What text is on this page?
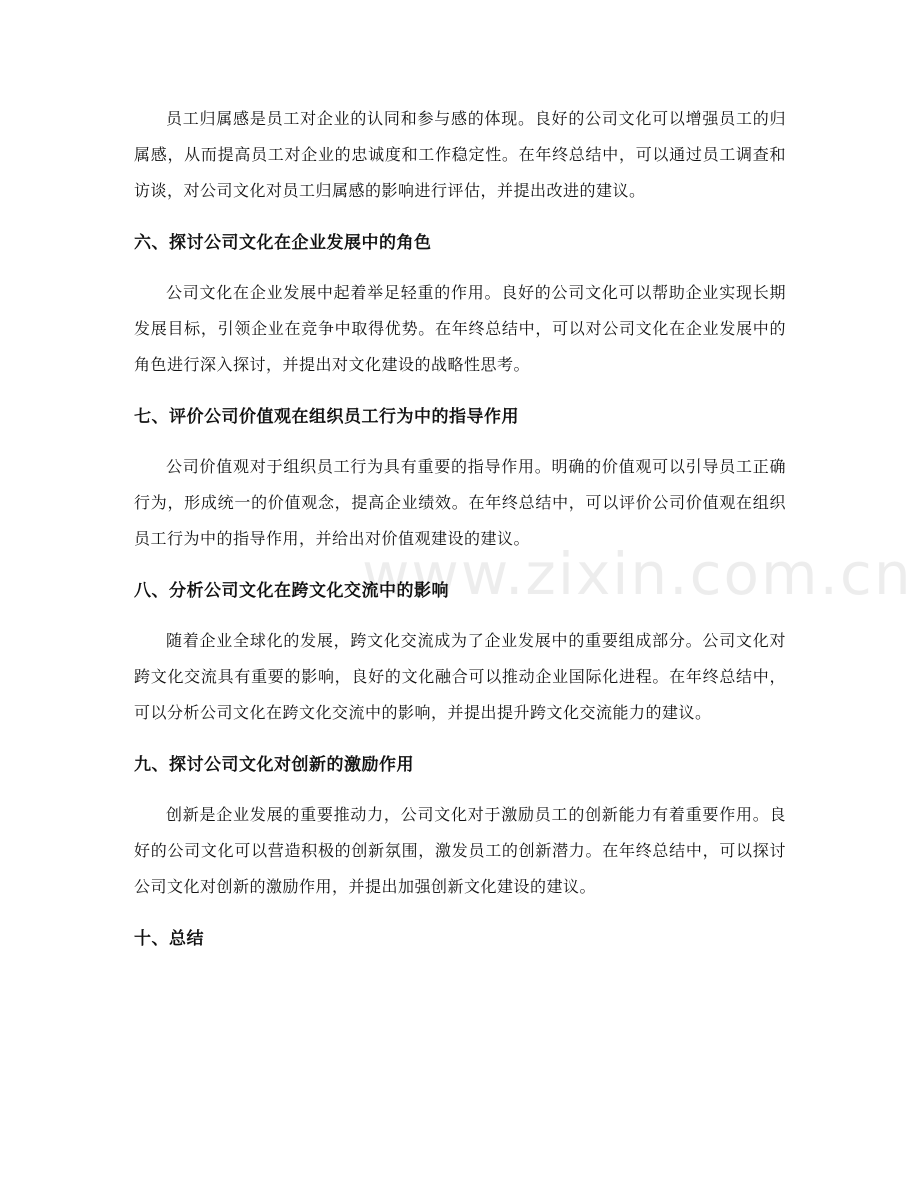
员工归属感是员工对企业的认同和参与感的体现。良好的公司文化可以增强员工的归属感，从而提高员工对企业的忠诚度和工作稳定性。在年终总结中，可以通过员工调查和访谈，对公司文化对员工归属感的影响进行评估，并提出改进的建议。

六、探讨公司文化在企业发展中的角色

公司文化在企业发展中起着举足轻重的作用。良好的公司文化可以帮助企业实现长期发展目标，引领企业在竞争中取得优势。在年终总结中，可以对公司文化在企业发展中的角色进行深入探讨，并提出对文化建设的战略性思考。

七、评价公司价值观在组织员工行为中的指导作用

公司价值观对于组织员工行为具有重要的指导作用。明确的价值观可以引导员工正确行为，形成统一的价值观念，提高企业绩效。在年终总结中，可以评价公司价值观在组织员工行为中的指导作用，并给出对价值观建设的建议。

八、分析公司文化在跨文化交流中的影响

随着企业全球化的发展，跨文化交流成为了企业发展中的重要组成部分。公司文化对跨文化交流具有重要的影响，良好的文化融合可以推动企业国际化进程。在年终总结中，可以分析公司文化在跨文化交流中的影响，并提出提升跨文化交流能力的建议。

九、探讨公司文化对创新的激励作用

创新是企业发展的重要推动力，公司文化对于激励员工的创新能力有着重要作用。良好的公司文化可以营造积极的创新氛围，激发员工的创新潜力。在年终总结中，可以探讨公司文化对创新的激励作用，并提出加强创新文化建设的建议。

十、总结
www.zixin.com.cn
